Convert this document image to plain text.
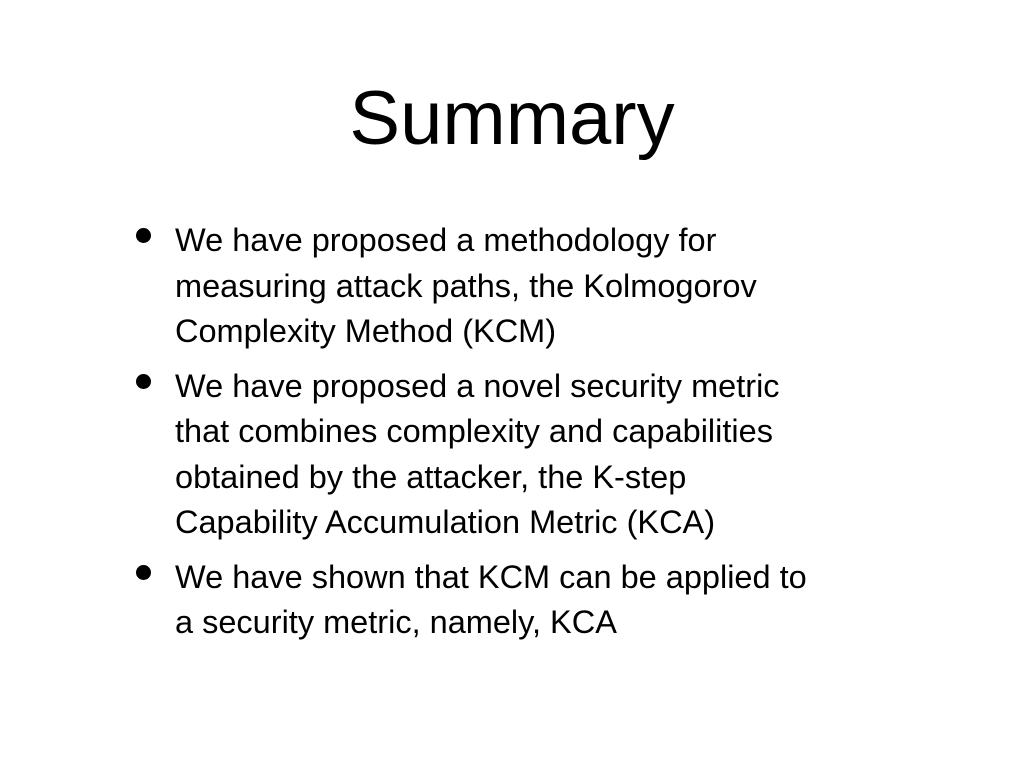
Summary
We have proposed a methodology for
measuring attack paths, the Kolmogorov
Complexity Method (KCM)
We have proposed a novel security metric
that combines complexity and capabilities
obtained by the attacker, the K-step
Capability Accumulation Metric (KCA)
We have shown that KCM can be applied to
a security metric, namely, KCA
